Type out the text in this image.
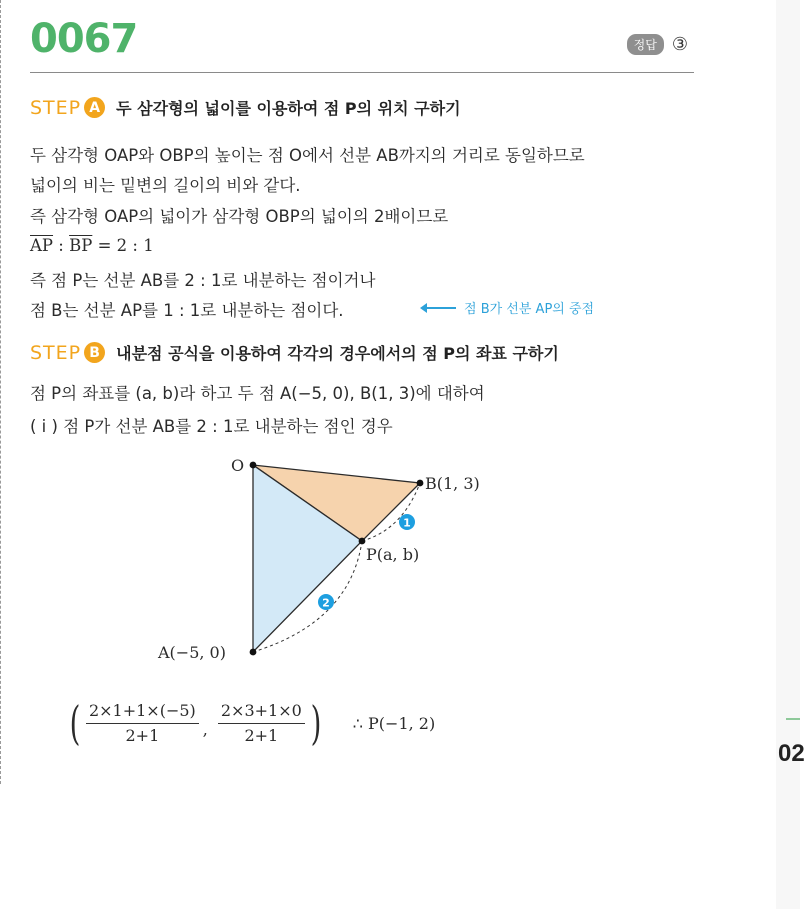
02
0067	정답 ③
STEP A	두 삼각형의 넓이를 이용하여 점 P의 위치 구하기
두 삼각형 OAP와 OBP의 높이는 점 O에서 선분 AB까지의 거리로 동일하므로
넓이의 비는 밑변의 길이의 비와 같다.
즉 삼각형 OAP의 넓이가 삼각형 OBP의 넓이의 2배이므로
$\overline{AP}$ : $\overline{BP} = 2$ : 1
즉 점 P는 선분 AB를 2 : 1로 내분하는 점이거나
점 B는 선분 AP를 1 : 1로 내분하는 점이다.	점 B가 선분 AP의 중점
STEP B	내분점 공식을 이용하여 각각의 경우에서의 점 P의 좌표 구하기
점 P의 좌표를 (a, b)라 하고 두 점 A(−5, 0), B(1, 3)에 대하여
( i ) 점 P가 선분 AB를 2 : 1로 내분하는 점인 경우
1
2
O
B(1, 3)
P(a, b)
A(−5, 0)
( $\frac{2\times 1+1\times(-5)}{2+1}$ , $\frac{2\times 3+1\times 0}{2+1}$ ) ∴ P(−1, 2)
